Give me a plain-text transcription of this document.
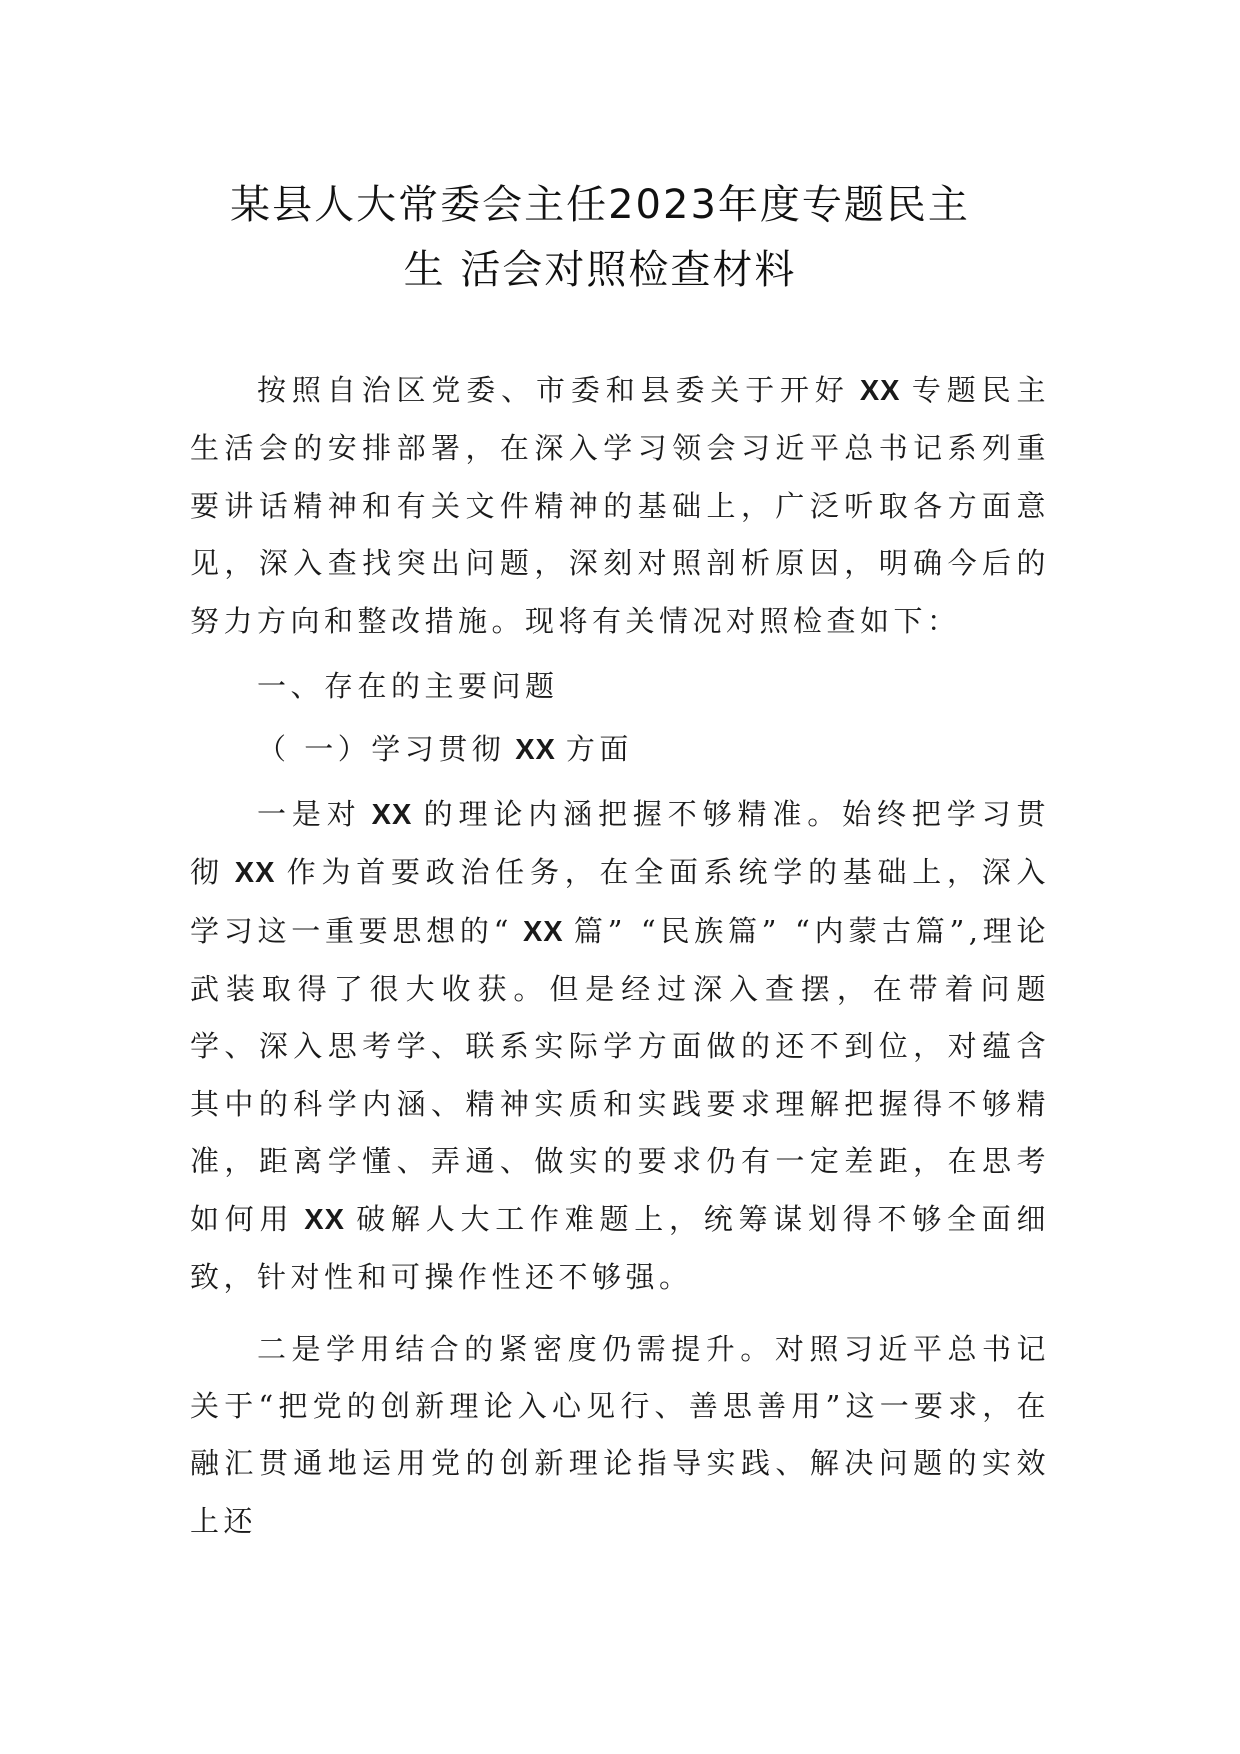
某县人大常委会主任2023年度专题民主
生 活会对照检查材料

按照自治区党委、市委和县委关于开好 XX 专题民主生活会的安排部署，在深入学习领会习近平总书记系列重要讲话精神和有关文件精神的基础上，广泛听取各方面意见，深入查找突出问题，深刻对照剖析原因，明确今后的努力方向和整改措施。现将有关情况对照检查如下：

一、存在的主要问题

（ 一）学习贯彻 XX 方面

一是对 XX 的理论内涵把握不够精准。始终把学习贯彻 XX 作为首要政治任务，在全面系统学的基础上，深入学习这一重要思想的“ XX 篇” “民族篇” “内蒙古篇”,理论武装取得了很大收获。但是经过深入查摆，在带着问题学、深入思考学、联系实际学方面做的还不到位，对蕴含其中的科学内涵、精神实质和实践要求理解把握得不够精准，距离学懂、弄通、做实的要求仍有一定差距，在思考如何用 XX 破解人大工作难题上，统筹谋划得不够全面细致，针对性和可操作性还不够强。

二是学用结合的紧密度仍需提升。对照习近平总书记关于“把党的创新理论入心见行、善思善用”这一要求，在融汇贯通地运用党的创新理论指导实践、解决问题的实效上还
